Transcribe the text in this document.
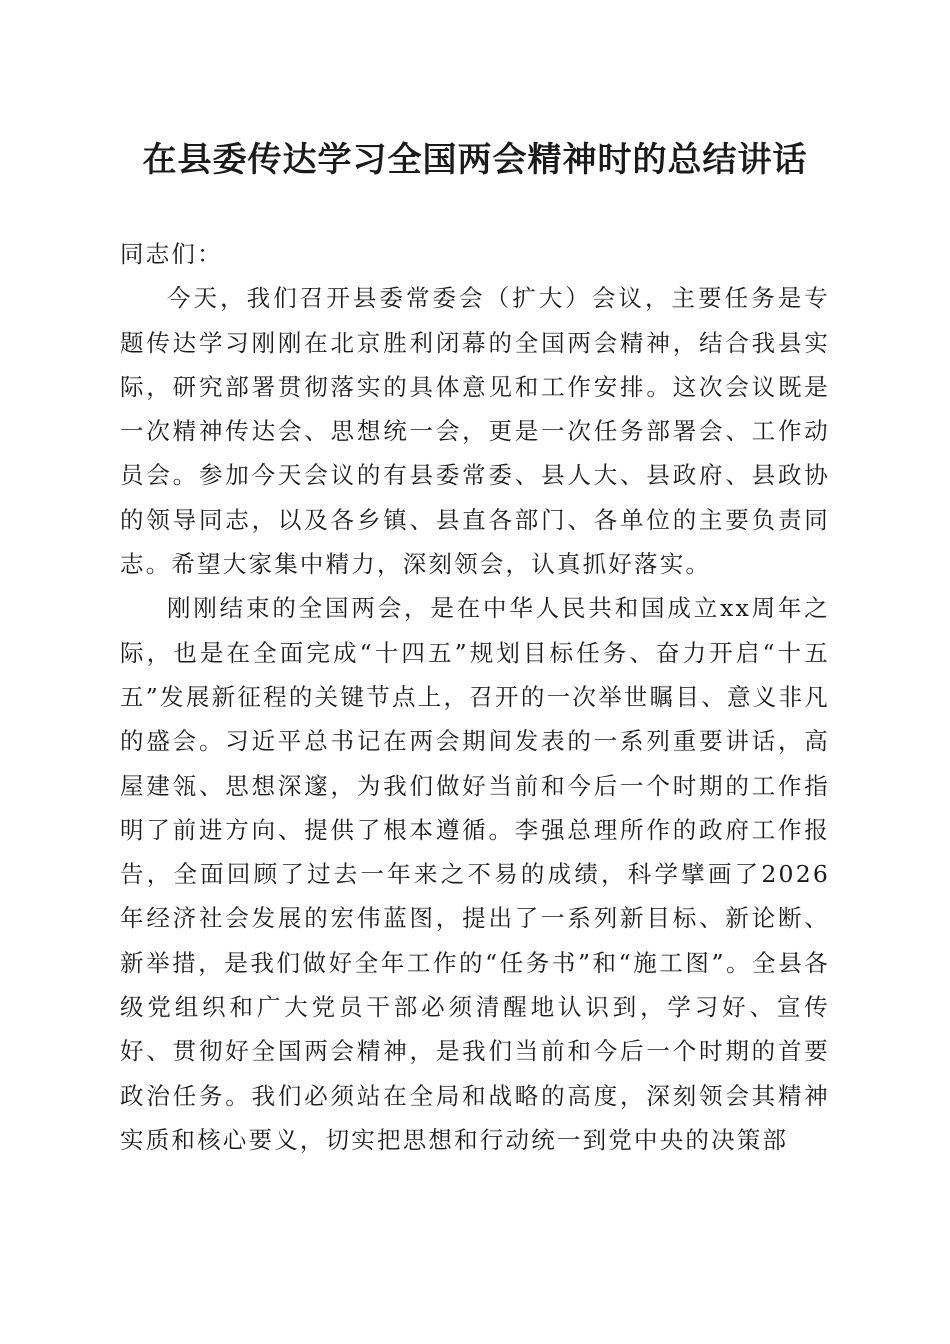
在县委传达学习全国两会精神时的总结讲话

同志们：

今天，我们召开县委常委会（扩大）会议，主要任务是专题传达学习刚刚在北京胜利闭幕的全国两会精神，结合我县实际，研究部署贯彻落实的具体意见和工作安排。这次会议既是一次精神传达会、思想统一会，更是一次任务部署会、工作动员会。参加今天会议的有县委常委、县人大、县政府、县政协的领导同志，以及各乡镇、县直各部门、各单位的主要负责同志。希望大家集中精力，深刻领会，认真抓好落实。

刚刚结束的全国两会，是在中华人民共和国成立xx周年之际，也是在全面完成“十四五”规划目标任务、奋力开启“十五五”发展新征程的关键节点上，召开的一次举世瞩目、意义非凡的盛会。习近平总书记在两会期间发表的一系列重要讲话，高屋建瓴、思想深邃，为我们做好当前和今后一个时期的工作指明了前进方向、提供了根本遵循。李强总理所作的政府工作报告，全面回顾了过去一年来之不易的成绩，科学擘画了2026年经济社会发展的宏伟蓝图，提出了一系列新目标、新论断、新举措，是我们做好全年工作的“任务书”和“施工图”。全县各级党组织和广大党员干部必须清醒地认识到，学习好、宣传好、贯彻好全国两会精神，是我们当前和今后一个时期的首要政治任务。我们必须站在全局和战略的高度，深刻领会其精神实质和核心要义，切实把思想和行动统一到党中央的决策部
